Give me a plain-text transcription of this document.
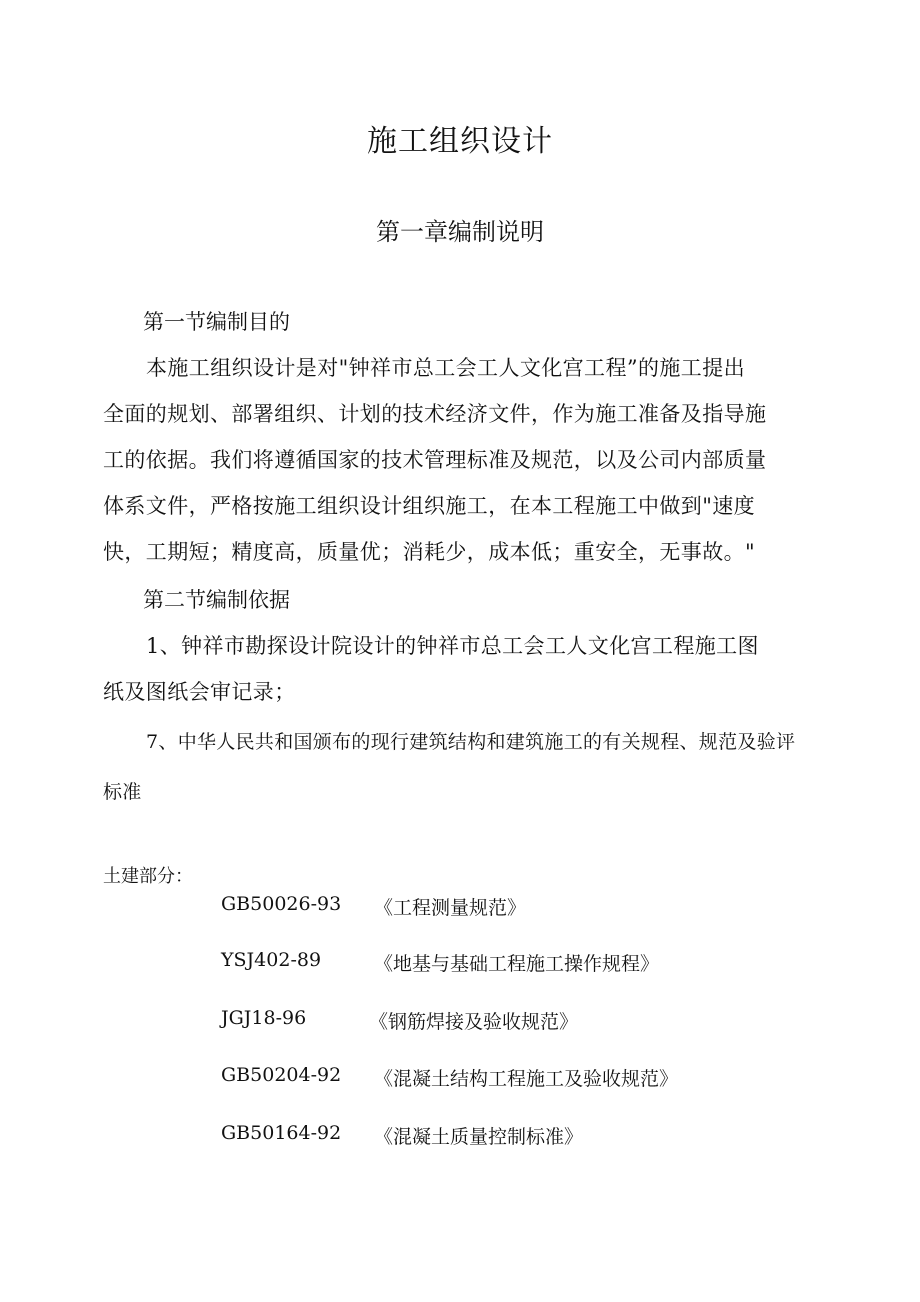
施工组织设计
第一章编制说明
第一节编制目的
本施工组织设计是对"钟祥市总工会工人文化宫工程”的施工提出
全面的规划、部署组织、计划的技术经济文件，作为施工准备及指导施
工的依据。我们将遵循国家的技术管理标准及规范，以及公司内部质量
体系文件，严格按施工组织设计组织施工，在本工程施工中做到"速度
快，工期短；精度高，质量优；消耗少，成本低；重安全，无事故。"
第二节编制依据
1、钟祥市勘探设计院设计的钟祥市总工会工人文化宫工程施工图
纸及图纸会审记录；
7、中华人民共和国颁布的现行建筑结构和建筑施工的有关规程、规范及验评
标准
土建部分：
GB50026-93 《工程测量规范》
YSJ402-89	《地基与基础工程施工操作规程》
JGJ18-96	《钢筋焊接及验收规范》
GB50204-92 《混凝土结构工程施工及验收规范》
GB50164-92 《混凝土质量控制标准》
